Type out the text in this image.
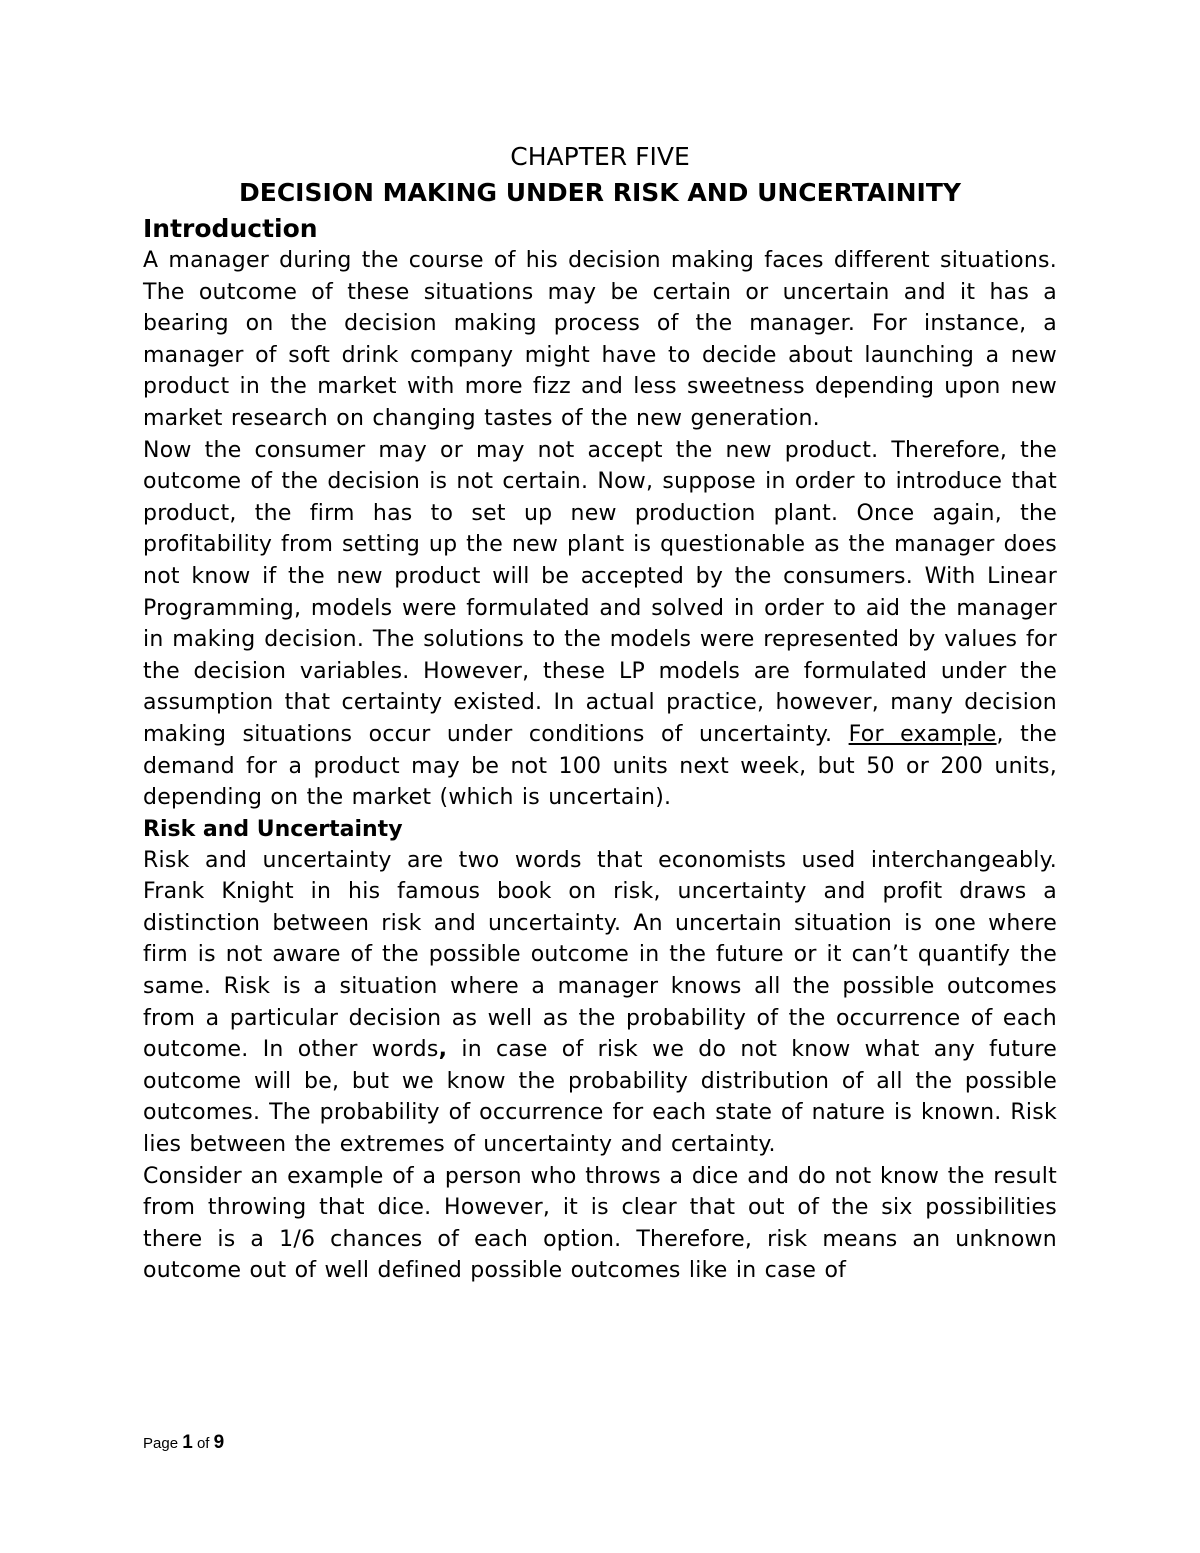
CHAPTER FIVE
DECISION MAKING UNDER RISK AND UNCERTAINITY
Introduction

A manager during the course of his decision making faces different situations. The outcome of these situations may be certain or uncertain and it has a bearing on the decision making process of the manager. For instance, a manager of soft drink company might have to decide about launching a new product in the market with more fizz and less sweetness depending upon new market research on changing tastes of the new generation.

Now the consumer may or may not accept the new product. Therefore, the outcome of the decision is not certain. Now, suppose in order to introduce that product, the firm has to set up new production plant. Once again, the profitability from setting up the new plant is questionable as the manager does not know if the new product will be accepted by the consumers. With Linear Programming, models were formulated and solved in order to aid the manager in making decision. The solutions to the models were represented by values for the decision variables. However, these LP models are formulated under the assumption that certainty existed. In actual practice, however, many decision making situations occur under conditions of uncertainty. For example, the demand for a product may be not 100 units next week, but 50 or 200 units, depending on the market (which is uncertain).

Risk and Uncertainty

Risk and uncertainty are two words that economists used interchangeably. Frank Knight in his famous book on risk, uncertainty and profit draws a distinction between risk and uncertainty. An uncertain situation is one where firm is not aware of the possible outcome in the future or it can’t quantify the same. Risk is a situation where a manager knows all the possible outcomes from a particular decision as well as the probability of the occurrence of each outcome. In other words, in case of risk we do not know what any future outcome will be, but we know the probability distribution of all the possible outcomes. The probability of occurrence for each state of nature is known. Risk lies between the extremes of uncertainty and certainty.

Consider an example of a person who throws a dice and do not know the result from throwing that dice. However, it is clear that out of the six possibilities there is a 1/6 chances of each option. Therefore, risk means an unknown outcome out of well defined possible outcomes like in case of

Page 1 of 9
